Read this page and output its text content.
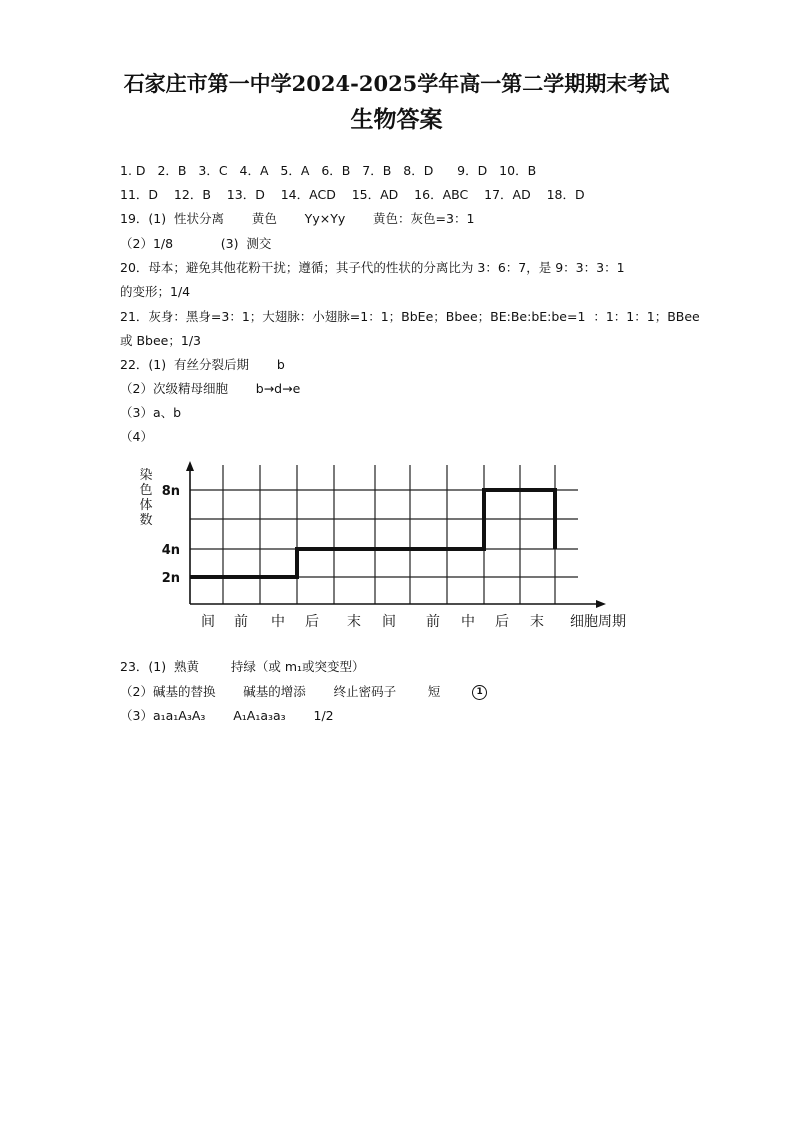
石家庄市第一中学2024-2025学年高一第二学期期末考试
生物答案
1. D   2．B   3．C   4．A   5．A   6．B   7．B   8．D      9．D   10．B
11．D    12．B    13．D    14．ACD    15．AD    16．ABC    17．AD    18．D
19．(1)  性状分离       黄色       Yy×Yy       黄色：灰色=3：1
（2）1/8            (3)  测交
20．母本；避免其他花粉干扰；遵循；其子代的性状的分离比为 3：6：7，是 9：3：3：1
的变形；1/4
21．灰身：黑身=3：1；大翅脉：小翅脉=1：1；BbEe；Bbee；BE:Be:bE:be=1  ：1：1：1；BBee
或 Bbee；1/3
22．(1)  有丝分裂后期       b
（2）次级精母细胞       b→d→e
（3）a、b
（4）
8n
4n
2n
染
色
体
数
间 前 中 后 末 间 前 中 后 末 细胞周期
23．(1)  熟黄        持绿（或 m₁或突变型）
（2）碱基的替换       碱基的增添       终止密码子        短	1
（3）a₁a₁A₃A₃       A₁A₁a₃a₃       1/2
